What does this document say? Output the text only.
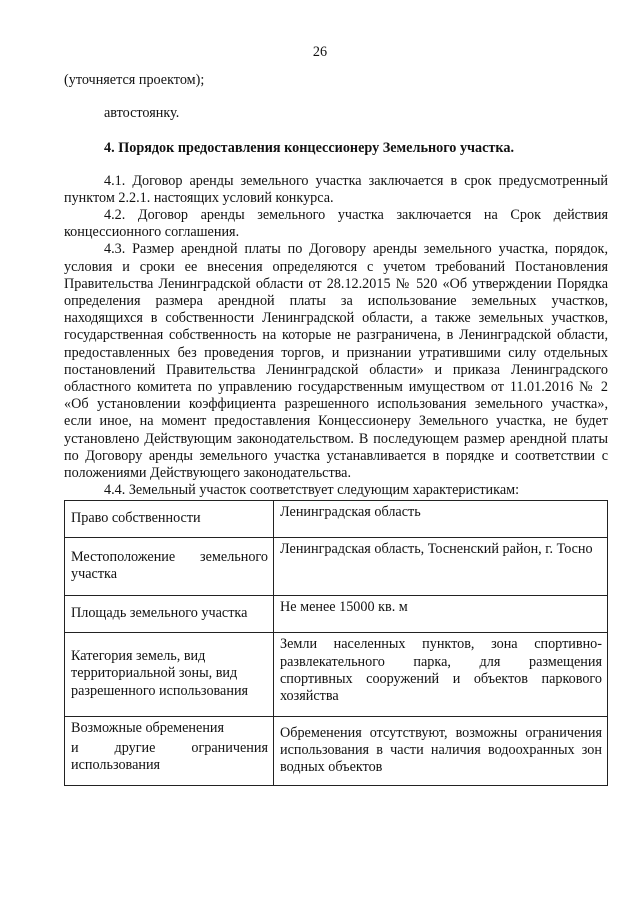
26

(уточняется проектом);

автостоянку.

4. Порядок предоставления концессионеру Земельного участка.

4.1. Договор аренды земельного участка заключается в срок предусмотренный пунктом 2.2.1. настоящих условий конкурса.

4.2. Договор аренды земельного участка заключается на Срок действия концессионного соглашения.

4.3. Размер арендной платы по Договору аренды земельного участка, порядок, условия и сроки ее внесения определяются с учетом требований Постановления Правительства Ленинградской области от 28.12.2015 № 520 «Об утверждении Порядка определения размера арендной платы за использование земельных участков, находящихся в собственности Ленинградской области, а также земельных участков, государственная собственность на которые не разграничена, в Ленинградской области, предоставленных без проведения торгов, и признании утратившими силу отдельных постановлений Правительства Ленинградской области» и приказа Ленинградского областного комитета по управлению государственным имуществом от 11.01.2016 № 2 «Об установлении коэффициента разрешенного использования земельного участка», если иное, на момент предоставления Концессионеру Земельного участка, не будет установлено Действующим законодательством. В последующем размер арендной платы по Договору аренды земельного участка устанавливается в порядке и соответствии с положениями Действующего законодательства.

4.4. Земельный участок соответствует следующим характеристикам:

Право собственности	Ленинградская область
Местоположение земельного участка	Ленинградская область, Тосненский район, г. Тосно
Площадь земельного участка	Не менее 15000 кв. м
Категория земель, вид территориальной зоны, вид разрешенного использования	Земли населенных пунктов, зона спортивно-развлекательного парка, для размещения спортивных сооружений и объектов паркового хозяйства

Возможные обременения
и другие ограничения использования	Обременения отсутствуют, возможны ограничения использования в части наличия водоохранных зон водных объектов
